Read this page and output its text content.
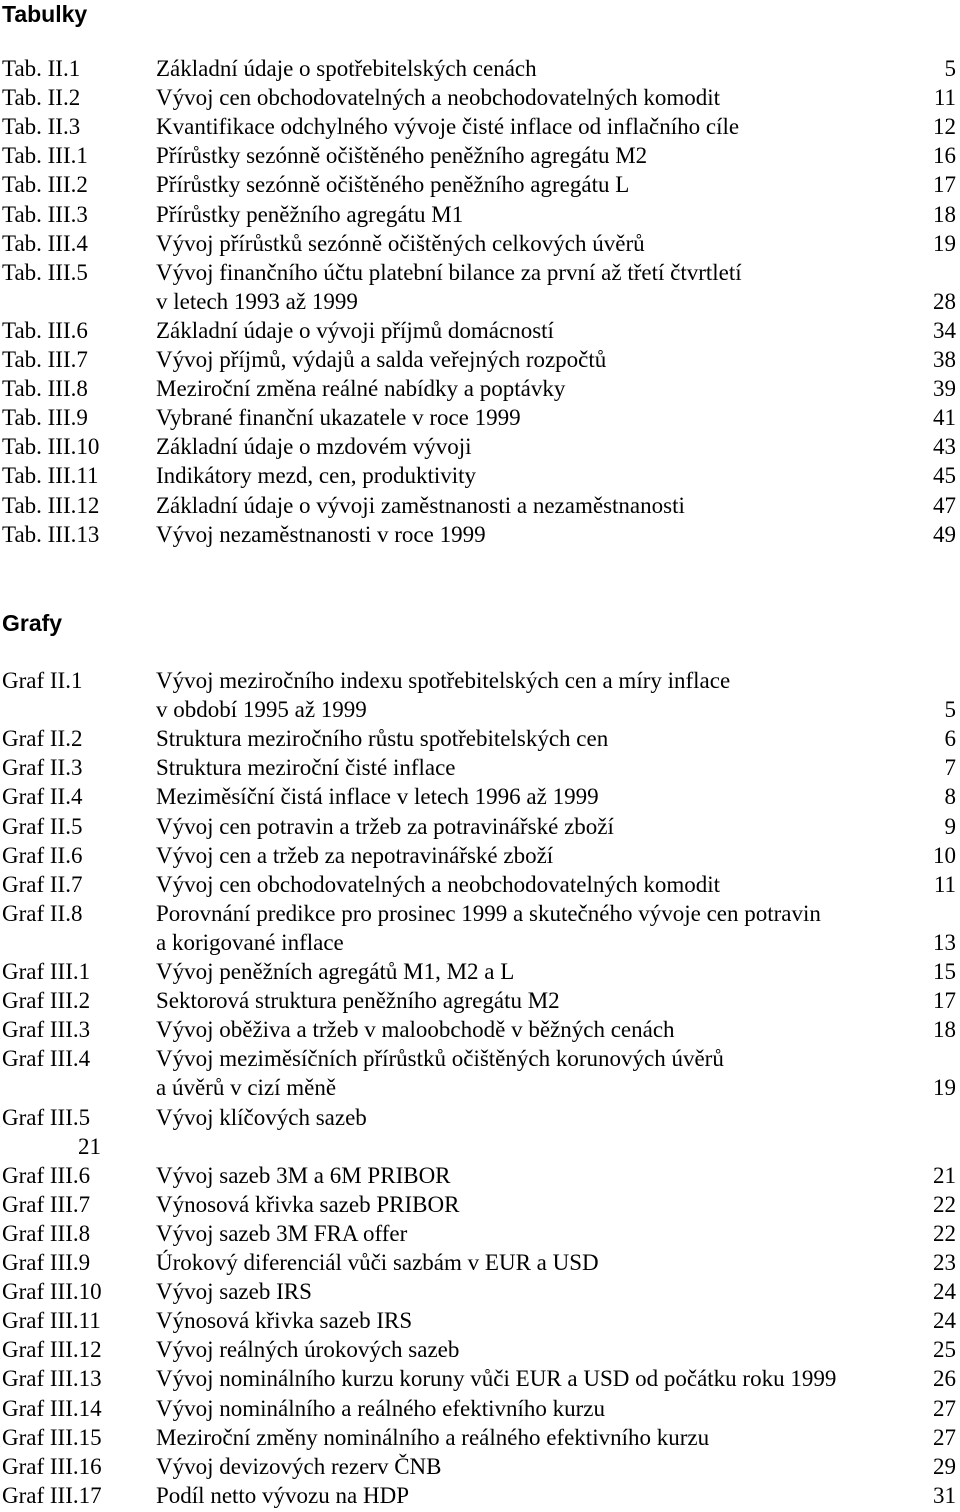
Tabulky
Tab. II.1	Základní údaje o spotřebitelských cenách	5
Tab. II.2	Vývoj cen obchodovatelných a neobchodovatelných komodit	11
Tab. II.3	Kvantifikace odchylného vývoje čisté inflace od inflačního cíle	12
Tab. III.1	Přírůstky sezónně očištěného peněžního agregátu M2	16
Tab. III.2	Přírůstky sezónně očištěného peněžního agregátu L	17
Tab. III.3	Přírůstky peněžního agregátu M1	18
Tab. III.4	Vývoj přírůstků sezónně očištěných celkových úvěrů	19
Tab. III.5	Vývoj finančního účtu platební bilance za první až třetí čtvrtletí
v letech 1993 až 1999	28
Tab. III.6	Základní údaje o vývoji příjmů domácností	34
Tab. III.7	Vývoj příjmů, výdajů a salda veřejných rozpočtů	38
Tab. III.8	Meziroční změna reálné nabídky a poptávky	39
Tab. III.9	Vybrané finanční ukazatele v roce 1999	41
Tab. III.10 Základní údaje o mzdovém vývoji	43
Tab. III.11 Indikátory mezd, cen, produktivity	45
Tab. III.12 Základní údaje o vývoji zaměstnanosti a nezaměstnanosti	47
Tab. III.13 Vývoj nezaměstnanosti v roce 1999	49
Grafy
Graf II.1	Vývoj meziročního indexu spotřebitelských cen a míry inflace
v období 1995 až 1999	5
Graf II.2	Struktura meziročního růstu spotřebitelských cen	6
Graf II.3	Struktura meziroční čisté inflace	7
Graf II.4	Meziměsíční čistá inflace v letech 1996 až 1999	8
Graf II.5	Vývoj cen potravin a tržeb za potravinářské zboží	9
Graf II.6	Vývoj cen a tržeb za nepotravinářské zboží	10
Graf II.7	Vývoj cen obchodovatelných a neobchodovatelných komodit	11
Graf II.8	Porovnání predikce pro prosinec 1999 a skutečného vývoje cen potravin
a korigované inflace	13
Graf III.1	Vývoj peněžních agregátů M1, M2 a L	15
Graf III.2	Sektorová struktura peněžního agregátu M2	17
Graf III.3	Vývoj oběživa a tržeb v maloobchodě v běžných cenách	18
Graf III.4	Vývoj meziměsíčních přírůstků očištěných korunových úvěrů
a úvěrů v cizí měně	19
Graf III.5	Vývoj klíčových sazeb
21
Graf III.6	Vývoj sazeb 3M a 6M PRIBOR	21
Graf III.7	Výnosová křivka sazeb PRIBOR	22
Graf III.8	Vývoj sazeb 3M FRA offer	22
Graf III.9	Úrokový diferenciál vůči sazbám v EUR a USD	23
Graf III.10 Vývoj sazeb IRS	24
Graf III.11 Výnosová křivka sazeb IRS	24
Graf III.12 Vývoj reálných úrokových sazeb	25
Graf III.13 Vývoj nominálního kurzu koruny vůči EUR a USD od počátku roku 1999	26
Graf III.14 Vývoj nominálního a reálného efektivního kurzu	27
Graf III.15 Meziroční změny nominálního a reálného efektivního kurzu	27
Graf III.16 Vývoj devizových rezerv ČNB	29
Graf III.17 Podíl netto vývozu na HDP	31
